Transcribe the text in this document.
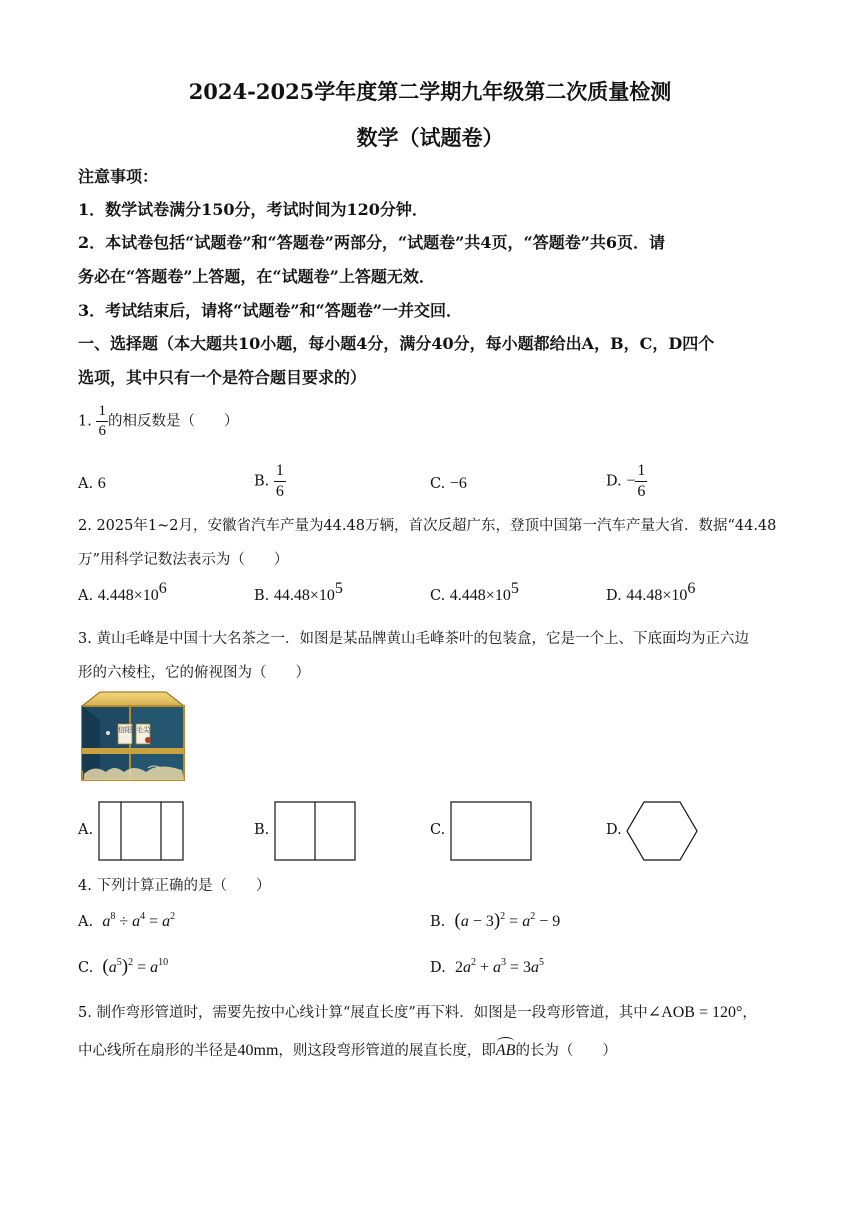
2024-2025学年度第二学期九年级第二次质量检测
数学（试题卷）
注意事项：
1．数学试卷满分150分，考试时间为120分钟．
2．本试卷包括“试题卷”和“答题卷”两部分，“试题卷”共4页，“答题卷”共6页．请
务必在“答题卷”上答题，在“试题卷”上答题无效．
3．考试结束后，请将“试题卷”和“答题卷”一并交回．
一、选择题（本大题共10小题，每小题4分，满分40分，每小题都给出A，B，C，D四个
选项，其中只有一个是符合题目要求的）
1. $\frac{1}{6}$ 的相反数是（　　）
A. 6	B. $\frac{1}{6}$	C. −6	D. − $\frac{1}{6}$
2. 2025年1~2月，安徽省汽车产量为44.48万辆，首次反超广东，登顶中国第一汽车产量大省．数据“44.48
万”用科学记数法表示为（　　）
A. $4.448\times 10^6$	B. $44.48\times 10^5$	C. $4.448\times 10^5$	D. $44.48\times 10^6$
3. 黄山毛峰是中国十大名茶之一．如图是某品牌黄山毛峰茶叶的包装盒，它是一个上、下底面均为正六边
形的六棱柱，它的俯视图为（　　）
信阳 毛尖
A.	B.	C.	D.
4. 下列计算正确的是（　　）
A. $a^8 \div a^4 = a^2$	B. $(a - 3)^2 = a^2 - 9$
C. $(a^5)^2 = a^{10}$	D. $2a^2 + a^3 = 3a^5$
5. 制作弯形管道时，需要先按中心线计算“展直长度”再下料．如图是一段弯形管道，其中∠AOB = 120°，
中心线所在扇形的半径是40mm，则这段弯形管道的展直长度，即AB的长为（　　）
